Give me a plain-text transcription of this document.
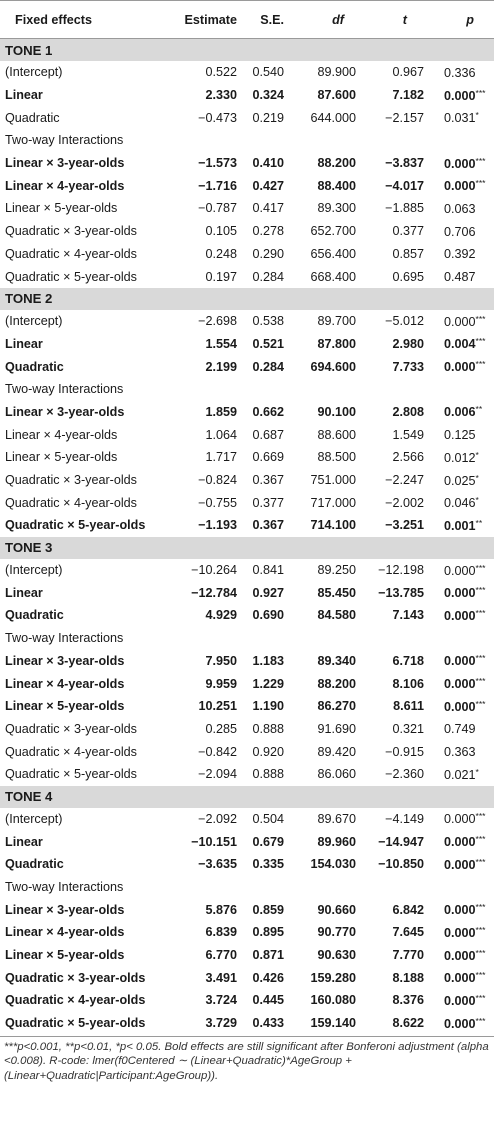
Fixed effects	Estimate	S.E.	df	t	p
TONE 1					
(Intercept)	0.522	0.540	89.900	0.967	0.336
Linear	2.330	0.324	87.600	7.182	0.000***
Quadratic	−0.473	0.219	644.000	−2.157	0.031*
Two-way Interactions					
Linear × 3-year-olds	−1.573	0.410	88.200	−3.837	0.000***
Linear × 4-year-olds	−1.716	0.427	88.400	−4.017	0.000***
Linear × 5-year-olds	−0.787	0.417	89.300	−1.885	0.063
Quadratic × 3-year-olds	0.105	0.278	652.700	0.377	0.706
Quadratic × 4-year-olds	0.248	0.290	656.400	0.857	0.392
Quadratic × 5-year-olds	0.197	0.284	668.400	0.695	0.487
TONE 2					
(Intercept)	−2.698	0.538	89.700	−5.012	0.000***
Linear	1.554	0.521	87.800	2.980	0.004***
Quadratic	2.199	0.284	694.600	7.733	0.000***
Two-way Interactions					
Linear × 3-year-olds	1.859	0.662	90.100	2.808	0.006**
Linear × 4-year-olds	1.064	0.687	88.600	1.549	0.125
Linear × 5-year-olds	1.717	0.669	88.500	2.566	0.012*
Quadratic × 3-year-olds	−0.824	0.367	751.000	−2.247	0.025*
Quadratic × 4-year-olds	−0.755	0.377	717.000	−2.002	0.046*
Quadratic × 5-year-olds	−1.193	0.367	714.100	−3.251	0.001**
TONE 3					
(Intercept)	−10.264	0.841	89.250	−12.198	0.000***
Linear	−12.784	0.927	85.450	−13.785	0.000***
Quadratic	4.929	0.690	84.580	7.143	0.000***
Two-way Interactions					
Linear × 3-year-olds	7.950	1.183	89.340	6.718	0.000***
Linear × 4-year-olds	9.959	1.229	88.200	8.106	0.000***
Linear × 5-year-olds	10.251	1.190	86.270	8.611	0.000***
Quadratic × 3-year-olds	0.285	0.888	91.690	0.321	0.749
Quadratic × 4-year-olds	−0.842	0.920	89.420	−0.915	0.363
Quadratic × 5-year-olds	−2.094	0.888	86.060	−2.360	0.021*
TONE 4					
(Intercept)	−2.092	0.504	89.670	−4.149	0.000***
Linear	−10.151	0.679	89.960	−14.947	0.000***
Quadratic	−3.635	0.335	154.030	−10.850	0.000***
Two-way Interactions					
Linear × 3-year-olds	5.876	0.859	90.660	6.842	0.000***
Linear × 4-year-olds	6.839	0.895	90.770	7.645	0.000***
Linear × 5-year-olds	6.770	0.871	90.630	7.770	0.000***
Quadratic × 3-year-olds	3.491	0.426	159.280	8.188	0.000***
Quadratic × 4-year-olds	3.724	0.445	160.080	8.376	0.000***
Quadratic × 5-year-olds	3.729	0.433	159.140	8.622	0.000***
***p<0.001, **p<0.01, *p< 0.05. Bold effects are still significant after Bonferoni adjustment (alpha <0.008). R-code: lmer(f0Centered ∼ (Linear+Quadratic)*AgeGroup + (Linear+Quadratic|Participant:AgeGroup)).
